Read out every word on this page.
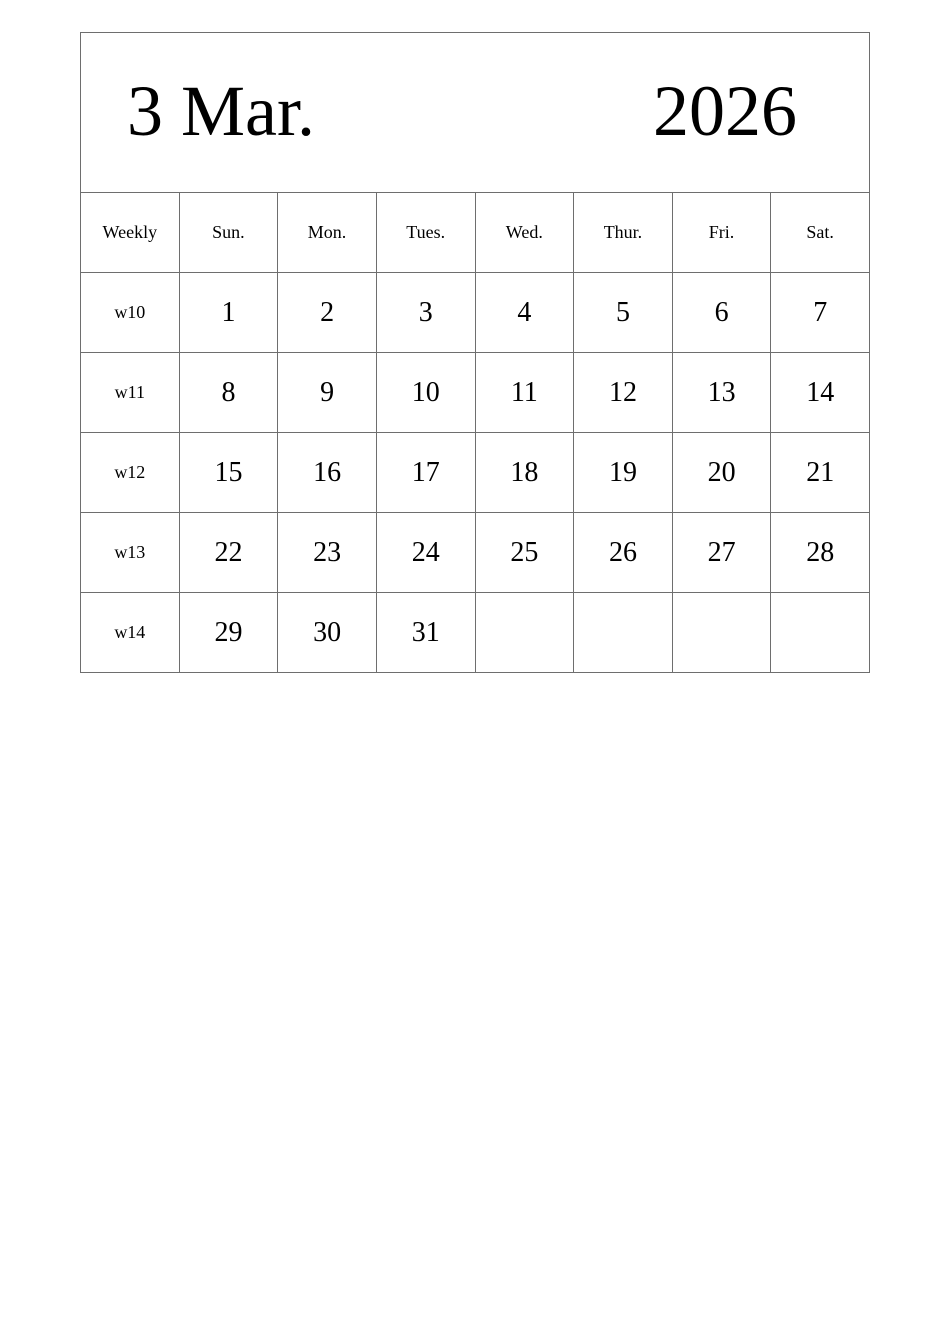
3 Mar. 2026							

Weekly	Sun.	Mon.	Tues.	Wed.	Thur.	Fri.	Sat.
w10	1	2	3	4	5	6	7
w11	8	9	10	11	12	13	14
w12	15	16	17	18	19	20	21
w13	22	23	24	25	26	27	28
w14	29	30	31				
